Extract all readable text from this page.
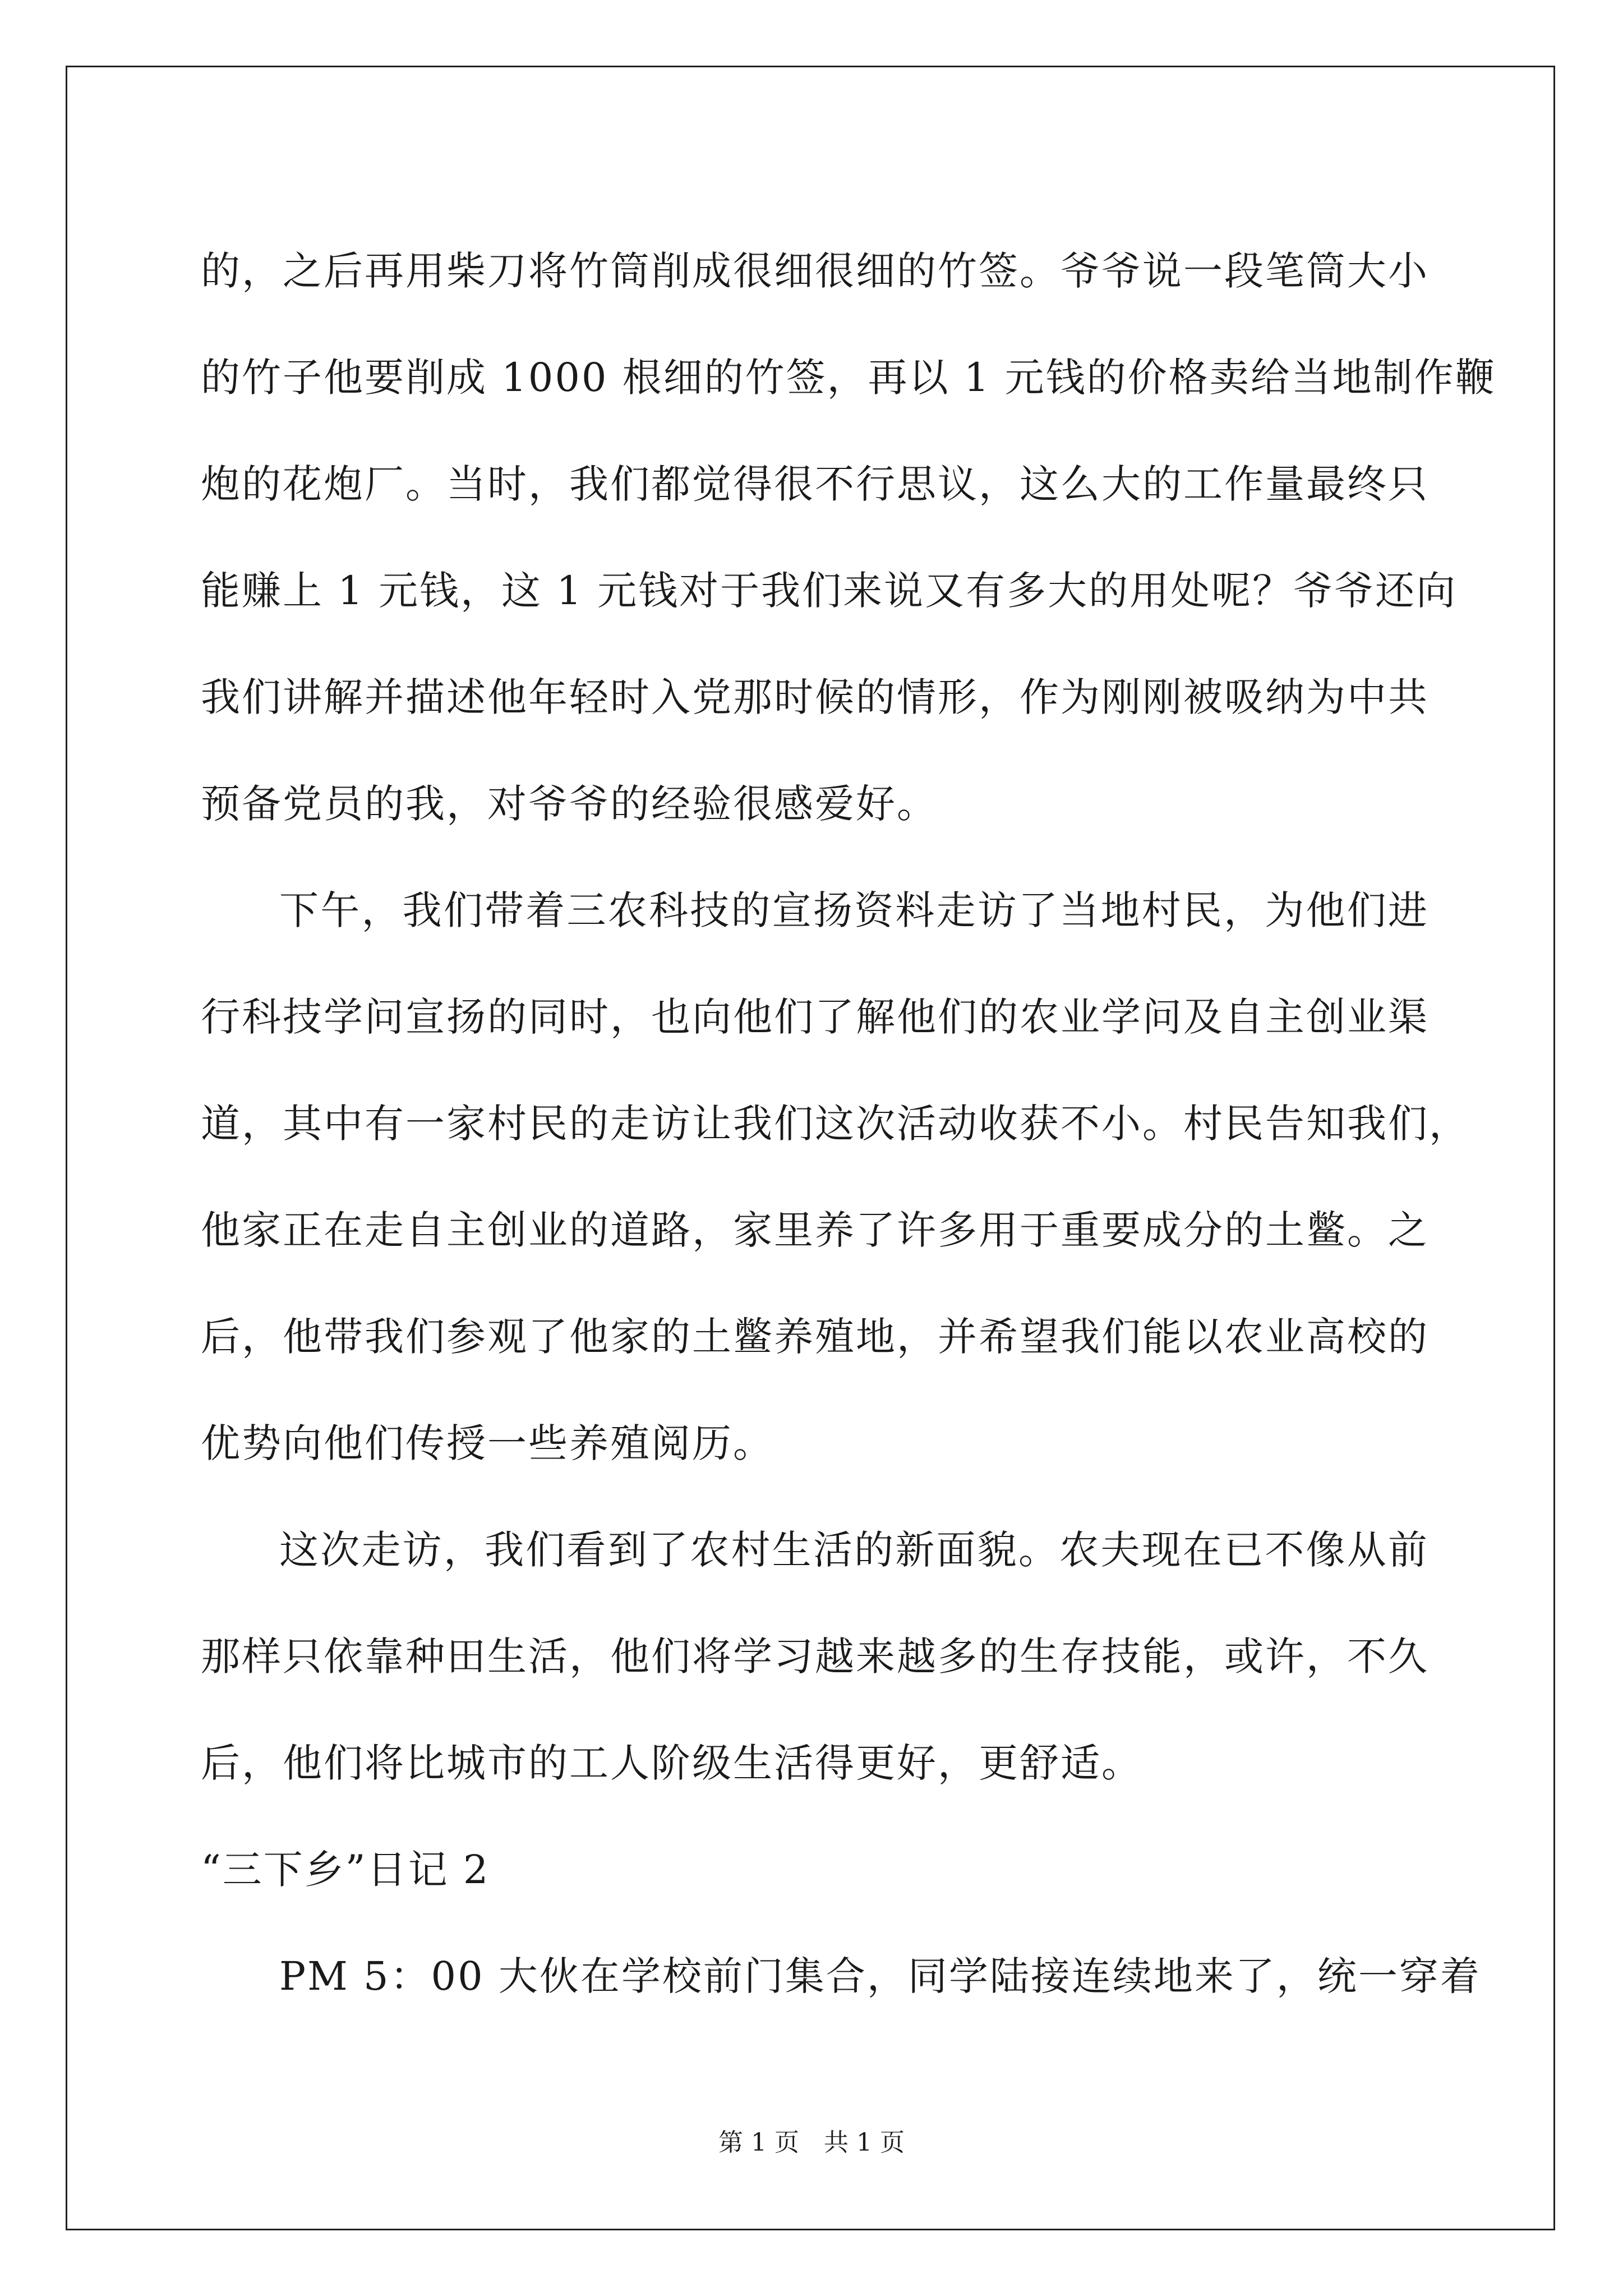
的，之后再用柴刀将竹筒削成很细很细的竹签。爷爷说一段笔筒大小
的竹子他要削成 1000 根细的竹签，再以 1 元钱的价格卖给当地制作鞭
炮的花炮厂。当时，我们都觉得很不行思议，这么大的工作量最终只
能赚上 1 元钱，这 1 元钱对于我们来说又有多大的用处呢？爷爷还向
我们讲解并描述他年轻时入党那时候的情形，作为刚刚被吸纳为中共
预备党员的我，对爷爷的经验很感爱好。
下午，我们带着三农科技的宣扬资料走访了当地村民，为他们进
行科技学问宣扬的同时，也向他们了解他们的农业学问及自主创业渠
道，其中有一家村民的走访让我们这次活动收获不小。村民告知我们，
他家正在走自主创业的道路，家里养了许多用于重要成分的土鳖。之
后，他带我们参观了他家的土鳖养殖地，并希望我们能以农业高校的
优势向他们传授一些养殖阅历。
这次走访，我们看到了农村生活的新面貌。农夫现在已不像从前
那样只依靠种田生活，他们将学习越来越多的生存技能，或许，不久
后，他们将比城市的工人阶级生活得更好，更舒适。
“三下乡”日记 2
PM 5：00 大伙在学校前门集合，同学陆接连续地来了，统一穿着
第 1 页　共 1 页
